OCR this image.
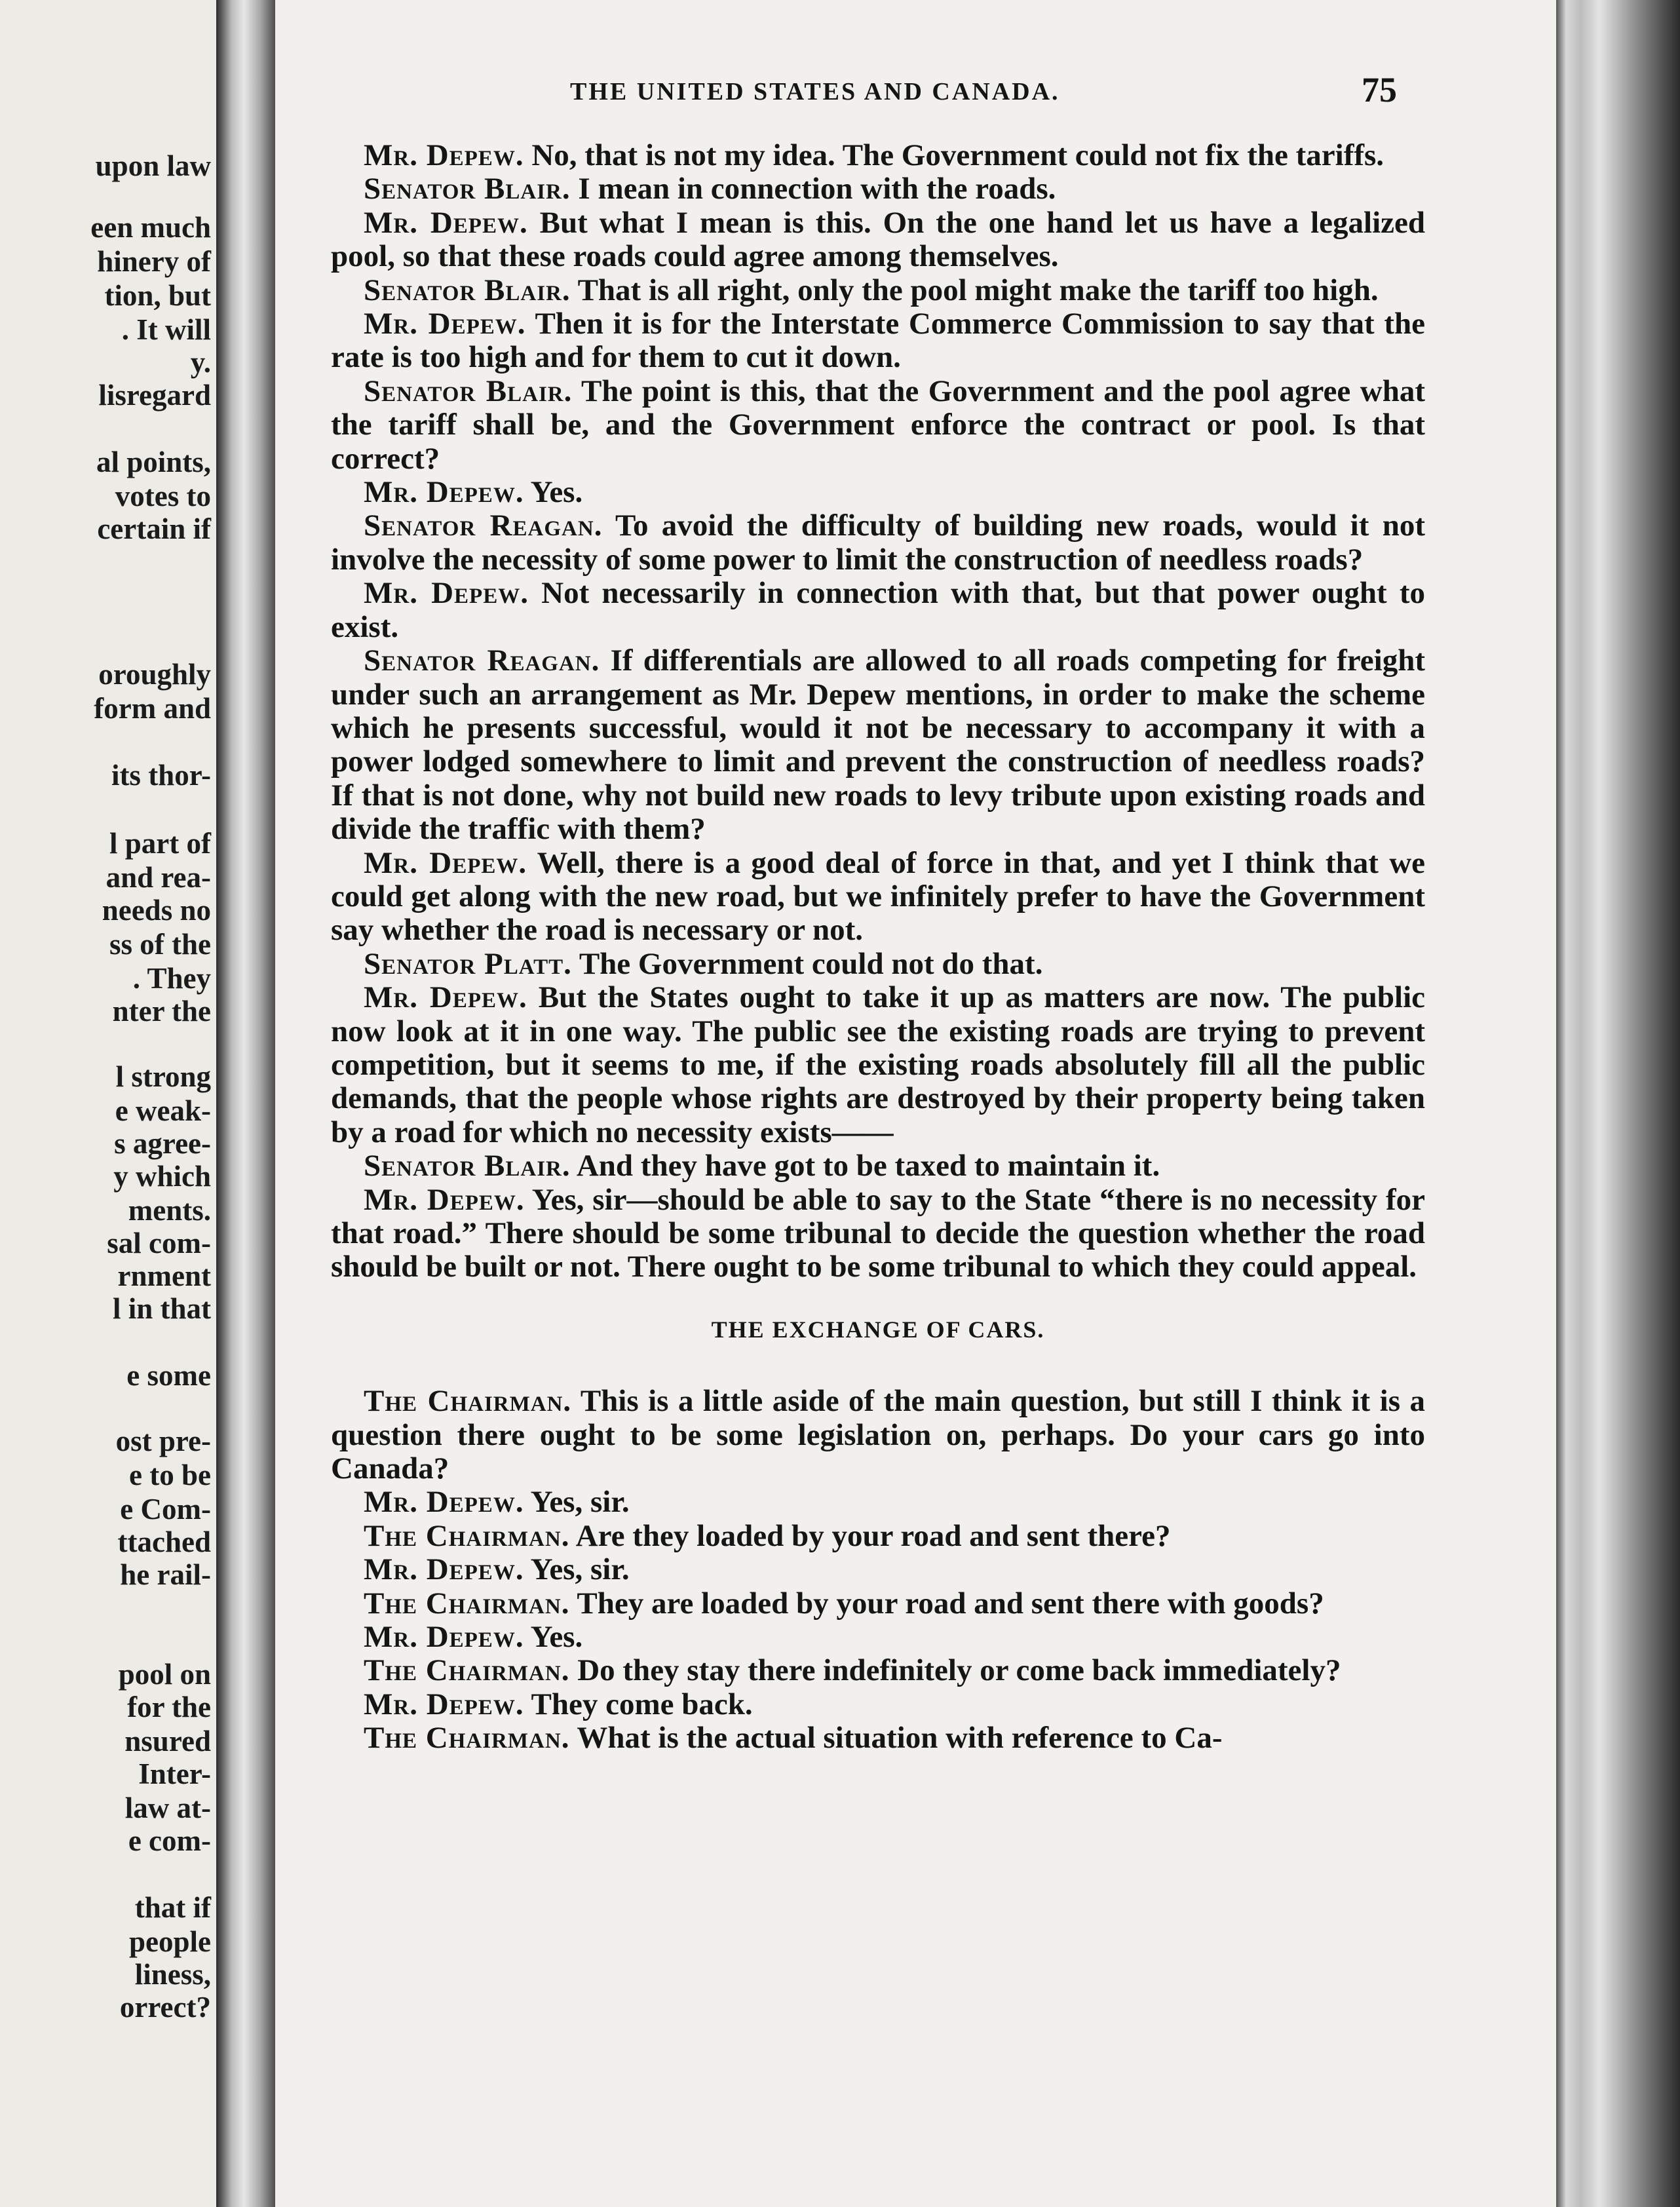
upon law
een much
hinery of
tion, but
. It will
y.
lisregard
al points,
votes to
certain if
oroughly
form and
its thor-
l part of
and rea-
needs no
ss of the
. They
nter the
l strong
e weak-
s agree-
y which
ments.
sal com-
rnment
l in that
e some
ost pre-
e to be
e Com-
ttached
he rail-
pool on
for the
nsured
Inter-
law at-
e com-
that if
people
liness,
orrect?
THE UNITED STATES AND CANADA.	75

Mr. Depew. No, that is not my idea. The Government could not fix the tariffs.

Senator Blair. I mean in connection with the roads.

Mr. Depew. But what I mean is this. On the one hand let us have a legalized pool, so that these roads could agree among themselves.

Senator Blair. That is all right, only the pool might make the tariff too high.

Mr. Depew. Then it is for the Interstate Commerce Commission to say that the rate is too high and for them to cut it down.

Senator Blair. The point is this, that the Government and the pool agree what the tariff shall be, and the Government enforce the contract or pool. Is that correct?

Mr. Depew. Yes.

Senator Reagan. To avoid the difficulty of building new roads, would it not involve the necessity of some power to limit the construction of needless roads?

Mr. Depew. Not necessarily in connection with that, but that power ought to exist.

Senator Reagan. If differentials are allowed to all roads competing for freight under such an arrangement as Mr. Depew mentions, in order to make the scheme which he presents successful, would it not be necessary to accompany it with a power lodged somewhere to limit and prevent the construction of needless roads? If that is not done, why not build new roads to levy tribute upon existing roads and divide the traffic with them?

Mr. Depew. Well, there is a good deal of force in that, and yet I think that we could get along with the new road, but we infinitely prefer to have the Government say whether the road is necessary or not.

Senator Platt. The Government could not do that.

Mr. Depew. But the States ought to take it up as matters are now. The public now look at it in one way. The public see the existing roads are trying to prevent competition, but it seems to me, if the existing roads absolutely fill all the public demands, that the people whose rights are destroyed by their property being taken by a road for which no necessity exists——

Senator Blair. And they have got to be taxed to maintain it.

Mr. Depew. Yes, sir—should be able to say to the State “there is no necessity for that road.” There should be some tribunal to decide the question whether the road should be built or not. There ought to be some tribunal to which they could appeal.

THE EXCHANGE OF CARS.

The Chairman. This is a little aside of the main question, but still I think it is a question there ought to be some legislation on, perhaps. Do your cars go into Canada?

Mr. Depew. Yes, sir.

The Chairman. Are they loaded by your road and sent there?

Mr. Depew. Yes, sir.

The Chairman. They are loaded by your road and sent there with goods?

Mr. Depew. Yes.

The Chairman. Do they stay there indefinitely or come back immediately?

Mr. Depew. They come back.

The Chairman. What is the actual situation with reference to Ca-
